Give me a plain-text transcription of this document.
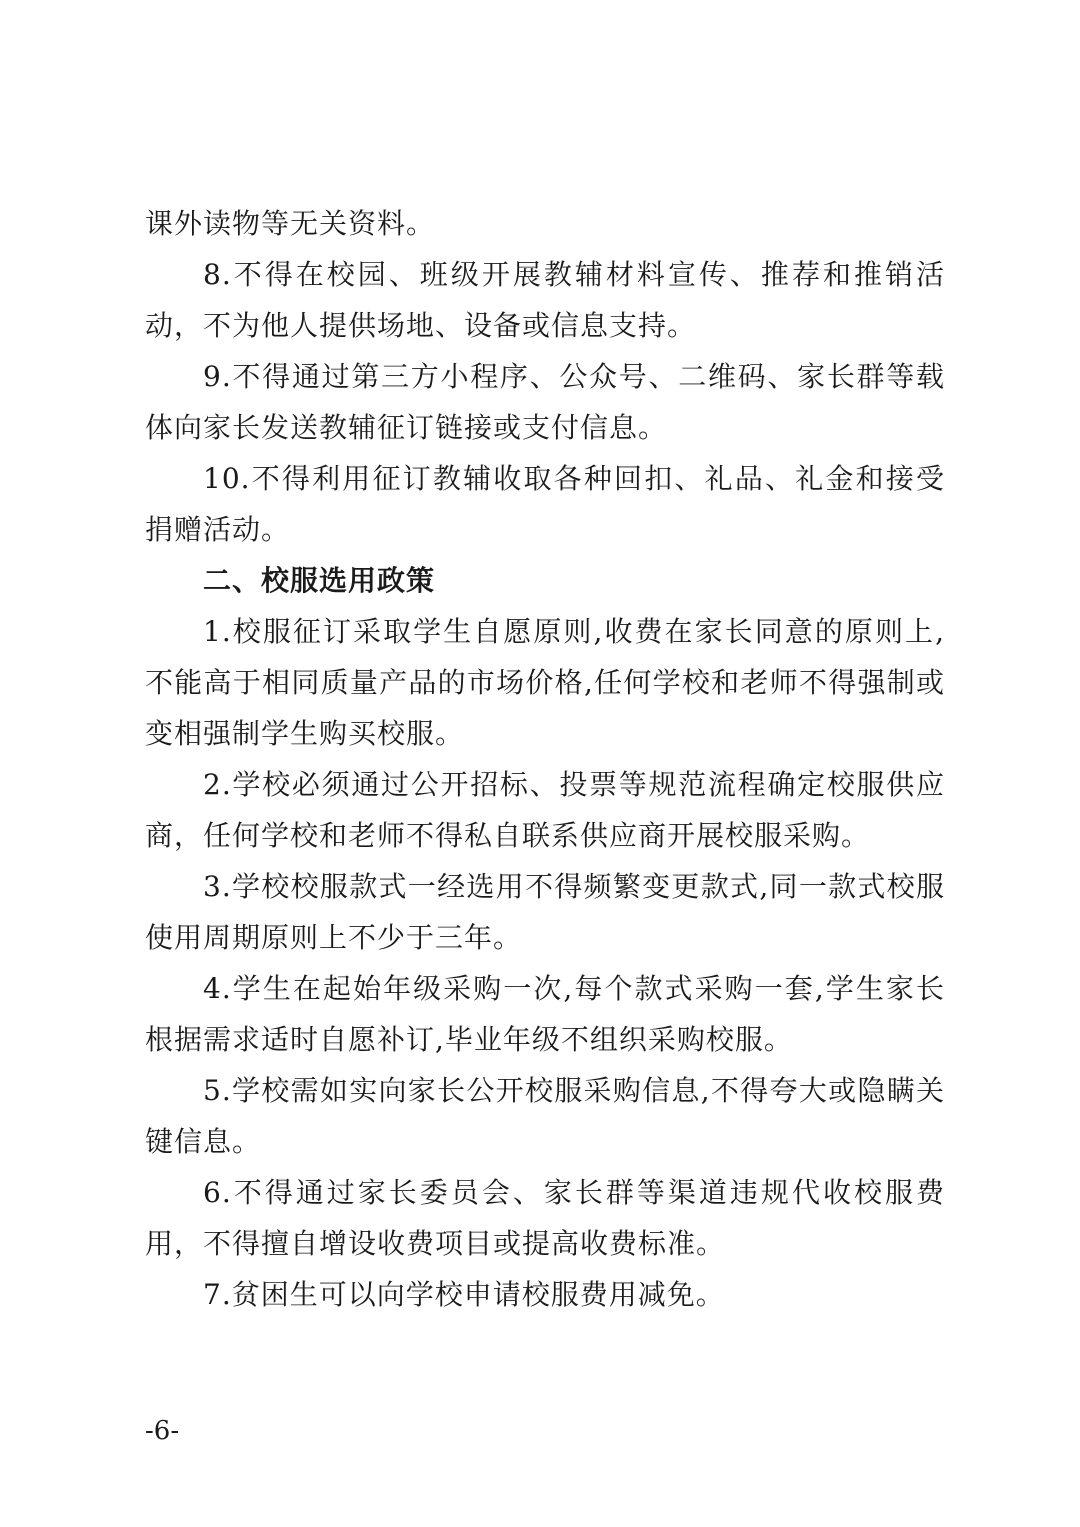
课外读物等无关资料。

8.不得在校园、班级开展教辅材料宣传、推荐和推销活动，不为他人提供场地、设备或信息支持。

9.不得通过第三方小程序、公众号、二维码、家长群等载体向家长发送教辅征订链接或支付信息。

10.不得利用征订教辅收取各种回扣、礼品、礼金和接受捐赠活动。

二、校服选用政策

1.校服征订采取学生自愿原则,收费在家长同意的原则上,不能高于相同质量产品的市场价格,任何学校和老师不得强制或变相强制学生购买校服。

2.学校必须通过公开招标、投票等规范流程确定校服供应商，任何学校和老师不得私自联系供应商开展校服采购。

3.学校校服款式一经选用不得频繁变更款式,同一款式校服使用周期原则上不少于三年。

4.学生在起始年级采购一次,每个款式采购一套,学生家长根据需求适时自愿补订,毕业年级不组织采购校服。

5.学校需如实向家长公开校服采购信息,不得夸大或隐瞒关键信息。

6.不得通过家长委员会、家长群等渠道违规代收校服费用，不得擅自增设收费项目或提高收费标准。

7.贫困生可以向学校申请校服费用减免。

-6-
